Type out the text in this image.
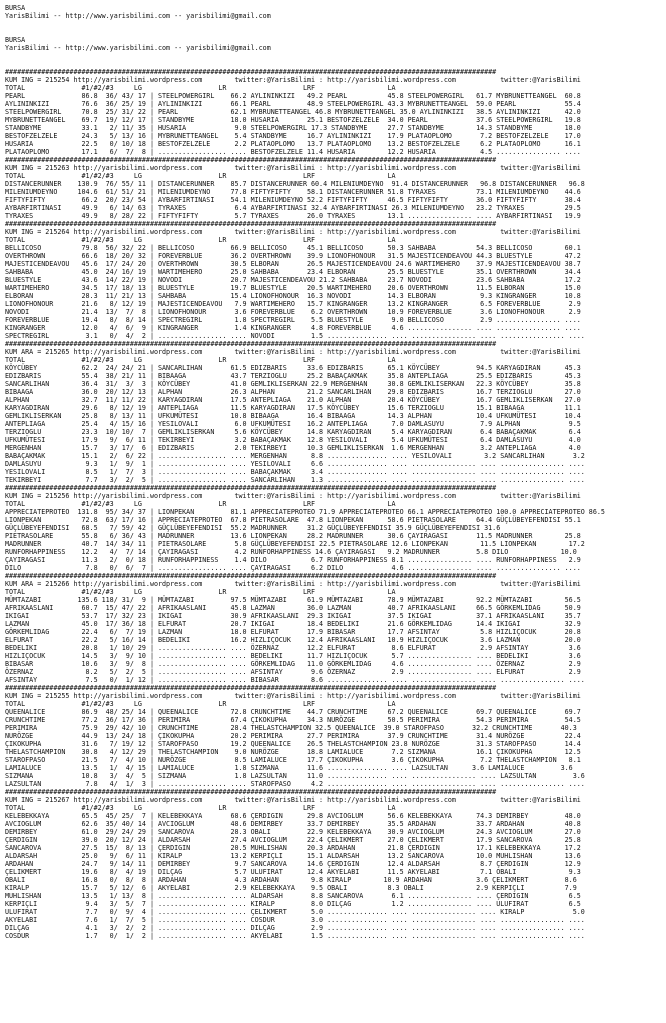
BURSA
YarisBilimi -- http://www.yarisbilimi.com -- yarisbilimi@gmail.com
BURSA
YarisBilimi -- http://www.yarisbilimi.com -- yarisbilimi@gmail.com
##########################################################################################################################
KUM ING = 215254 http://yarisbilimi.wordpress.com        twitter:@YarisBilimi : http://yarisbilimi.wordpress.com           twitter:@YarisBilimi
TOTAL              #1/#2/#3     LG                   LR                   LRF                  LA
PEARL              86.8  36/ 43/ 17 | STEELPOWERGIRL    66.2 AYLININKIZI   49.2 PEARL          45.8 STEELPOWERGIRL   61.7 MYBRUNETTEANGEL  60.8
AYLININKIZI        76.6  36/ 25/ 19 | AYLININKIZI       66.1 PEARL         48.9 STEELPOWERGIRL 43.3 MYBRUNETTEANGEL  59.0 PEARL            55.4
STEELPOWERGIRL     70.8  25/ 31/ 22 | PEARL             62.1 MYBRUNETTEANGEL 46.8 MYBRUNETTEANGEL 35.0 AYLININKIZI   38.5 AYLININKIZI      42.0
MYBRUNETTEANGEL    69.7  19/ 12/ 17 | STANDBYME         18.0 HUSARIA       25.1 BESTOFZELZELE  34.0 PEARL            37.6 STEELPOWERGIRL   19.8
STANDBYME          33.1   2/ 11/ 35 | HUSARIA            9.0 STEELPOWERGIRL 17.3 STANDBYME     27.7 STANDBYME        14.3 STANDBYME        18.0
BESTOFZELZELE      24.3   5/ 13/ 16 | MYBRUNETTEANGEL    5.4 STANDBYME     16.7 AYLININKIZI    17.9 PLATAOPLOMO       7.2 BESTOFZELZELE    17.0
HUSARIA            22.5   0/ 10/ 18 | BESTOFZELZELE      2.2 PLATAOPLOMO   13.7 PLATAOPLOMO    13.2 BESTOFZELZELE     6.2 PLATAOPLOMO      16.1
PLATAOPLOMO        17.1   6/  7/  8 | ................. .... BESTOFZELZELE 11.4 HUSARIA        12.2 HUSARIA           4.5 ................ ....
##########################################################################################################################
KUM ING = 215263 http://yarisbilimi.wordpress.com        twitter:@YarisBilimi : http://yarisbilimi.wordpress.com           twitter:@YarisBilimi
TOTAL              #1/#2/#3     LG                   LR                   LRF                  LA
DISTANCERUNNER    130.9  76/ 55/ 11 | DISTANCERUNNER    85.7 DISTANCERUNNER 60.4 MILENIUMDEYNO  91.4 DISTANCERUNNER   96.8 DISTANCERUNNER   96.8
MILENIUMDEYNO     104.6  61/ 51/ 21 | MILENIUMDEYNO     77.8 FIFTYFIFTY    58.1 DISTANCERUNNER 51.8 TYRAXES          73.1 MILENIUMDEYNO    44.6
FIFTYFIFTY         66.2  20/ 23/ 54 | AYBARFIRTINASI    54.1 MILENIUMDEYNO 52.2 FIFTYFIFTY     46.5 FIFTYFIFTY       36.0 FIFTYFIFTY       38.4
AYBARFIRTINASI     49.9   6/ 14/ 63 | TYRAXES            6.4 AYBARFIRTINASI 32.4 AYBARFIRTINASI 26.3 MILENIUMDEYNO   23.2 TYRAXES          29.5
TYRAXES            49.9   8/ 28/ 22 | FIFTYFIFTY         5.7 TYRAXES       26.0 TYRAXES        13.1 ................ .... AYBARFIRTINASI   19.9
##########################################################################################################################
KUM ING = 215264 http://yarisbilimi.wordpress.com        twitter:@YarisBilimi : http://yarisbilimi.wordpress.com           twitter:@YarisBilimi
TOTAL              #1/#2/#3     LG                   LR                   LRF                  LA
BELLICOSO          79.8  56/ 32/ 22 | BELLICOSO         66.9 BELLICOSO     45.1 BELLICOSO      50.3 SAHBABA          54.3 BELLICOSO        60.1
OVERTHROWN         66.6  18/ 20/ 32 | FOREVERBLUE       36.2 OVERTHROWN    39.9 LIONOFHONOUR   31.5 MAJESTICENDEAVOU 44.3 BLUESTYLE        47.2
MAJESTICENDEAVOU   45.6  17/ 24/ 20 | OVERTHROWN        30.5 ELBORAN       26.5 MAJESTICENDEAVOU 24.6 WARTIMEHERO    37.9 MAJESTICENDEAVOU 38.7
SAHBABA            45.0  24/ 16/ 19 | WARTIMEHERO       25.0 SAHBABA       23.4 ELBORAN        25.5 BLUESTYLE        35.1 OVERTHROWN       34.4
BLUESTYLE          43.6  14/ 22/ 19 | NOVODI            20.7 MAJESTICENDEAVOU 21.2 SAHBABA     23.7 NOVODI           23.6 SAHBABA          17.2
WARTIMEHERO        34.5  17/ 18/ 13 | BLUESTYLE         19.7 BLUESTYLE     20.5 WARTIMEHERO    20.6 OVERTHROWN       11.5 ELBORAN          15.0
ELBORAN            28.3  11/ 21/ 13 | SAHBABA           15.4 LIONOFHONOUR  16.3 NOVODI         14.3 ELBORAN           9.3 KINGRANGER       10.8
LIONOFHONOUR       21.6   8/ 12/ 19 | MAJESTICENDEAVOU   7.9 WARTIMEHERO   15.7 KINGRANGER     13.2 KINGRANGER        6.5 FOREVERBLUE       2.9
NOVODI             21.4  13/  7/  8 | LIONOFHONOUR       3.6 FOREVERBLUE    6.2 OVERTHROWN     10.9 FOREVERBLUE       3.6 LIONOFHONOUR      2.9
FOREVERBLUE        19.4   8/  8/ 14 | SPECTREGIRL        1.8 SPECTREGIRL    5.5 BLUESTYLE       9.0 BELLICOSO         2.9 ................ ....
KINGRANGER         12.0   4/  6/  9 | KINGRANGER         1.4 KINGRANGER     4.8 FOREVERBLUE     4.6 ................ .... ................ ....
SPECTREGIRL         3.1   0/  4/  2 | ................. .... NOVODI         1.5 ............... .... ................ .... ................ ....
##########################################################################################################################
KUM ARA = 215265 http://yarisbilimi.wordpress.com        twitter:@YarisBilimi : http://yarisbilimi.wordpress.com           twitter:@YarisBilimi
TOTAL              #1/#2/#3     LG                   LR                   LRF                  LA
KÖYCÜBEY           62.2  24/ 24/ 21 | SANCARLIHAN       61.5 EDIZBARIS     33.6 EDIZBARIS      65.1 KÖYCÜBEY         94.5 KARYAGDIRAN      45.3
EDIZBARIS          55.4  38/ 21/ 11 | BIBAAGA           43.7 TERZIOGLU     25.2 BABAÇAKMAK     35.8 ANTEPLIAGA       25.5 EDIZBARIS        45.3
SANCARLIHAN        36.4  31/  3/  3 | KÖYCÜBEY          41.0 GEMLIKLISERKAN 22.9 MERGENHAN     30.8 GEMLIKLISERKAN   22.3 KÖYCÜBEY         35.8
BIBAAGA            36.0  20/ 12/ 13 | ALPHAN            26.3 ALPHAN        21.2 SANCARLIHAN    29.8 EDIZBARIS        16.7 TERZIOGLU        27.0
ALPHAN             32.7  11/ 11/ 22 | KARYAGDIRAN       17.5 ANTEPLIAGA    21.0 ALPHAN         20.4 KÖYCÜBEY         16.7 GEMLIKLISERKAN   27.0
KARYAGDIRAN        29.6   8/ 12/ 19 | ANTEPLIAGA        11.5 KARYAGDIRAN   17.5 KÖYCÜBEY       15.6 TERZIOGLU        15.1 BIBAAGA          11.1
GEMLIKLISERKAN     25.8   8/ 13/ 11 | UFKUMÜTESI        10.8 BIBAAGA       16.4 BIBAAGA        14.3 ALPHAN           10.4 UFKUMÜTESI       10.4
ANTEPLIAGA         25.4   4/ 15/ 16 | YESILOVALI         6.0 UFKUMÜTESI    16.2 ANTEPLIAGA      7.0 DAMLASUYU         7.9 ALPHAN            9.5
TERZIOGLU          23.3  10/ 10/  7 | GEMLIKLISERKAN     5.6 KÖYCÜBEY      14.8 KARYAGDIRAN     5.4 KARYAGDIRAN       6.4 BABAÇAKMAK        6.4
UFKUMÜTESI         17.9   9/  6/ 11 | TEKIRBEYI          3.2 BABAÇAKMAK    12.8 YESILOVALI      5.4 UFKUMÜTESI        6.4 DAMLASUYU         4.0
MERGENHAN          15.7   3/ 17/  6 | EDIZBARIS          2.0 TEKIRBEYI     10.3 GEMLIKLISERKAN  1.6 MERGENHAN         3.2 ANTEPLIAGA        4.0
BABAÇAKMAK         15.1   2/  6/ 22 | ................. .... MERGENHAN      8.8 ............... .... YESILOVALI        3.2 SANCARLIHAN       3.2
DAMLASUYU           9.3   1/  9/  1 | ................. .... YESILOVALI     6.6 ............... .... ................ .... ................ ....
YESILOVALI          8.5   1/  7/  3 | ................. .... BABAÇAKMAK     3.4 ............... .... ................ .... ................ ....
TEKIRBEYI           7.7   3/  2/  5 | ................. .... SANCARLIHAN    1.3 ............... .... ................ .... ................ ....
##########################################################################################################################
KUM ING = 215256 http://yarisbilimi.wordpress.com        twitter:@YarisBilimi : http://yarisbilimi.wordpress.com           twitter:@YarisBilimi
TOTAL              #1/#2/#3     LG                   LR                   LRF                  LA
APPRECIATEPROTEO  131.8  95/ 34/ 37 | LIONPEKAN         81.1 APPRECIATEPROTEO 71.9 APPRECIATEPROTEO 66.1 APPRECIATEPROTEO 100.0 APPRECIATEPROTEO 86.5
LIONPEKAN          72.8  63/ 17/ 16 | APPRECIATEPROTEO  67.8 PIETRASOLARE  47.8 LIONPEKAN      58.6 PIETRASOLARE     64.4 GÜÇLÜBEYEFENDISI 55.1
GÜÇLÜBEYEFENDISI   68.5   7/ 59/ 42 | GÜÇLÜBEYEFENDISI  55.2 MADRUNNER     31.2 GÜÇLÜBEYEFENDISI 35.9 GÜÇLÜBEYEFENDISI 31.6
PIETRASOLARE       55.8   6/ 36/ 43 | MADRUNNER         13.6 LIONPEKAN     28.2 MADRUNNER      30.6 ÇAYIRAGASI       11.5 MADRUNNER        25.8
MADRUNNER          40.7  14/ 34/ 11 | PIETRASOLARE       5.8 GÜÇLÜBEYEFENDISI 22.5 PIETRASOLARE 12.6 LIONPEKAN        11.5 LIONPEKAN        17.2
RUNFORHAPPINESS    12.2   4/  7/ 14 | ÇAYIRAGASI         4.2 RUNFORHAPPINESS 14.6 ÇAYIRAGASI   9.2 MADRUNNER         5.8 DILO             10.0
ÇAYIRAGASI         11.3   2/  0/ 18 | RUNFORHAPPINESS    1.4 DILO           6.7 RUNFORHAPPINESS 8.1 ................ .... RUNFORHAPPINESS   2.9
DILO                7.8   0/  6/  7 | ................. .... ÇAYIRAGASI     6.2 DILO            4.6 ................ .... ................ ....
##########################################################################################################################
KUM ARA = 215266 http://yarisbilimi.wordpress.com        twitter:@YarisBilimi : http://yarisbilimi.wordpress.com           twitter:@YarisBilimi
TOTAL              #1/#2/#3     LG                   LR                   LRF                  LA
MÜMTAZABI         135.6 118/ 31/  9 | MÜMTAZABI         97.5 MÜMTAZABI     61.9 MÜMTAZABI      78.9 MÜMTAZABI        92.2 MÜMTAZABI        56.5
AFRIKAASLANI       60.7  15/ 47/ 22 | AFRIKAASLANI      45.8 LAZMAN        36.0 LAZMAN         40.7 AFRIKAASLANI     66.5 GÖRKEMLIDAG      50.9
IKIGAI             53.7  17/ 32/ 23 | IKIGAI            30.9 AFRIKAASLANI  29.3 IKIGAI         37.5 IKIGAI           37.1 AFRIKAASLANI     35.7
LAZMAN             45.0  17/ 36/ 18 | ELFURAT           20.7 IKIGAI        18.4 BEDELIKI       21.6 GÖRKEMLIDAG      14.4 IKIGAI           32.9
GÖRKEMLIDAG        22.4   6/  7/ 19 | LAZMAN            18.0 ELFURAT       17.9 BIBASAR        17.7 AFSINTAY          5.8 HIZLIÇOCUK       20.8
ELFURAT            22.2   5/ 16/ 14 | BEDELIKI          16.2 HIZLIÇOCUK    12.4 AFRIKAASLANI   10.9 HIZLIÇOCUK        3.6 LAZMAN           20.0
BEDELIKI           20.8   1/ 10/ 29 | ................. .... ÖZERNAZ       12.2 ELFURAT         8.6 ELFURAT           2.9 AFSINTAY          3.6
HIZLIÇOCUK         14.5   3/  9/ 10 | ................. .... BEDELIKI      11.7 HIZLIÇOCUK      5.7 ................ .... BEDELIKI          3.6
BIBASAR            10.6   3/  9/  8 | ................. .... GÖRKEMLIDAG   11.0 GÖRKEMLIDAG     4.6 ................ .... ÖZERNAZ           2.9
ÖZERNAZ             8.2   5/  2/  5 | ................. .... AFSINTAY       9.6 ÖZERNAZ         2.9 ................ .... ELFURAT           2.9
AFSINTAY            7.5   0/  1/ 12 | ................. .... BIBASAR        8.6 ............... .... ................ .... ................ ....
##########################################################################################################################
KUM ING = 215255 http://yarisbilimi.wordpress.com        twitter:@YarisBilimi : http://yarisbilimi.wordpress.com           twitter:@YarisBilimi
TOTAL              #1/#2/#3     LG                   LR                   LRF                  LA
QUEENALICE         86.9  48/ 25/ 14 | QUEENALICE        72.8 CRUNCHTIME    44.7 CRUNCHTIME     67.2 QUEENALICE       69.7 QUEENALICE       69.7
CRUNCHTIME         77.2  36/ 17/ 36 | PERIMIRA          67.4 ÇIKOKUPHA     34.3 NURÖZGE        50.5 PERIMIRA         54.3 PERIMIRA         54.5
PERIMIRA           75.9  29/ 42/ 10 | CRUNCHTIME        28.4 THELASTCHAMPION 32.5 QUEENALICE  39.0 STAROFPASO       32.2 CRUNCHTIME       40.3
NURÖZGE            44.9  13/ 24/ 18 | ÇIKOKUPHA         20.2 PERIMIRA      27.7 PERIMIRA       37.9 CRUNCHTIME       31.4 NURÖZGE          22.4
ÇIKOKUPHA          31.6   7/ 19/ 12 | STAROFPASO        19.2 QUEENALICE    26.5 THELASTCHAMPION 23.8 NURÖZGE         31.3 STAROFPASO       14.4
THELASTCHAMPION    30.8   4/ 12/ 29 | THELASTCHAMPION    9.0 NURÖZGE       18.8 LAMIALUCE       7.2 SIZMANA          16.1 ÇIKOKUPHA        12.5
STAROFPASO         21.5   7/  4/ 10 | NURÖZGE            8.5 LAMIALUCE     17.7 ÇIKOKUPHA       3.6 ÇIKOKUPHA         7.2 THELASTCHAMPION   8.1
LAMIALUCE          13.5   1/  4/ 15 | LAMIALUCE          1.8 SIZMANA       11.6 ............... .... LAZSULTAN      3.6 LAMIALUCE         3.6
SIZMANA            10.8   3/  4/  5 | SIZMANA            1.8 LAZSULTAN     11.0 ............... .... ................ .... LAZSULTAN         3.6
LAZSULTAN           7.8   4/  1/  3 | ................. .... STAROFPASO     4.2 ............... .... ................ .... ................ ....
##########################################################################################################################
KUM ING = 215267 http://yarisbilimi.wordpress.com        twitter:@YarisBilimi : http://yarisbilimi.wordpress.com           twitter:@YarisBilimi
TOTAL              #1/#2/#3     LG                   LR                   LRF                  LA
KELEBEKKAYA        65.5  45/ 25/  7 | KELEBEKKAYA       68.6 ÇERDIGIN      29.8 AVCIOGLUM      56.6 KELEBEKKAYA      74.3 DEMIRBEY         48.0
AVCIOGLUM          62.6  35/ 40/ 14 | AVCIOGLUM         48.6 DEMIRBEY      33.7 DEMIRBEY       35.5 ARDAHAN          33.7 ARDAHAN          40.8
DEMIRBEY           61.0  29/ 24/ 29 | SANCAROVA         28.3 OBALI         22.9 KELEBEKKAYA    30.9 AVCIOGLUM        24.3 AVCIOGLUM        27.0
ÇERDIGIN           39.0  20/ 12/ 24 | ALDARSAH          27.4 AVCIOGLUM     22.4 ÇELIKMERT      27.0 ÇELIKMERT        17.9 SANCAROVA        25.8
SANCAROVA          27.5  15/  8/ 13 | ÇERDIGIN          20.5 MUHLISHAN     20.3 ARDAHAN        21.8 ÇERDIGIN         17.1 KELEBEKKAYA      17.2
ALDARSAH           25.0   9/  6/ 11 | KIRALP            13.2 KERPIÇLI      15.1 ALDARSAH       13.2 SANCAROVA        10.0 MUHLISHAN        13.6
ARDAHAN            24.7   9/ 14/ 11 | DEMIRBEY           9.7 SANCAROVA     14.6 ÇERDIGIN       12.4 ALDARSAH          8.7 ÇERDIGIN         12.9
ÇELIKMERT          19.6   8/  4/ 19 | DILÇAG             5.7 ULUFIRAT      12.4 AKYELABI       11.5 AKYELABI          7.1 OBALI             9.3
OBALI              16.8   0/  8/  8 | ARDAHAN            4.3 ARDAHAN        9.8 KIRALP        10.9 ARDAHAN           3.6 ÇELIKMERT         8.6
KIRALP             15.7   5/ 12/  6 | AKYELABI           2.9 KELEBEKKAYA    9.5 OBALI          8.3 OBALI             2.9 KERPIÇLI          7.9
MUHLISHAN          13.5   1/ 13/  8 | ................. .... ALDARSAH       8.8 SANCAROVA       6.1 ................ .... ÇERDIGIN          6.5
KERPIÇLI            9.4   3/  5/  7 | ................. .... KIRALP         8.0 DILÇAG          1.2 ................ .... ULUFIRAT          6.5
ULUFIRAT            7.7   0/  9/  4 | ................. .... ÇELIKMERT      5.0 ............... .... ................ .... KIRALP            5.0
AKYELABI            7.6   1/  7/  5 | ................. .... COSDUR         3.0 ............... .... ................ .... ................ ....
DILÇAG              4.1   3/  2/  2 | ................. .... DILÇAG         2.9 ............... .... ................ .... ................ ....
COSDUR              1.7   0/  1/  2 | ................. .... AKYELABI       1.5 ............... .... ................ .... ................ ....
